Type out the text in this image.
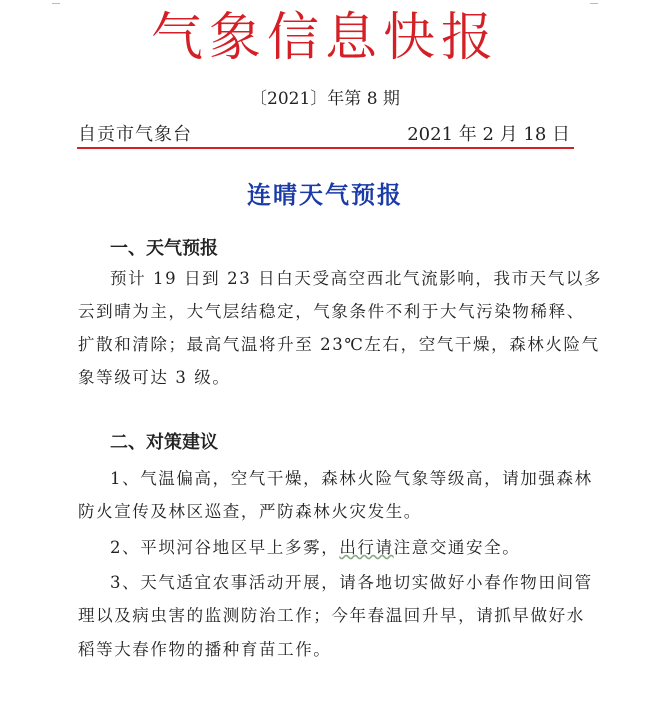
气象信息快报
〔2021〕年第 8 期
自贡市气象台	2021 年 2 月 18 日
连晴天气预报
一、天气预报
预计 19 日到 23 日白天受高空西北气流影响，我市天气以多
云到晴为主，大气层结稳定，气象条件不利于大气污染物稀释、
扩散和清除；最高气温将升至 23℃左右，空气干燥，森林火险气
象等级可达 3 级。
二、对策建议
1、气温偏高，空气干燥，森林火险气象等级高，请加强森林
防火宣传及林区巡查，严防森林火灾发生。
2、平坝河谷地区早上多雾，出行请注意交通安全。
3、天气适宜农事活动开展，请各地切实做好小春作物田间管
理以及病虫害的监测防治工作；今年春温回升早，请抓早做好水
稻等大春作物的播种育苗工作。
